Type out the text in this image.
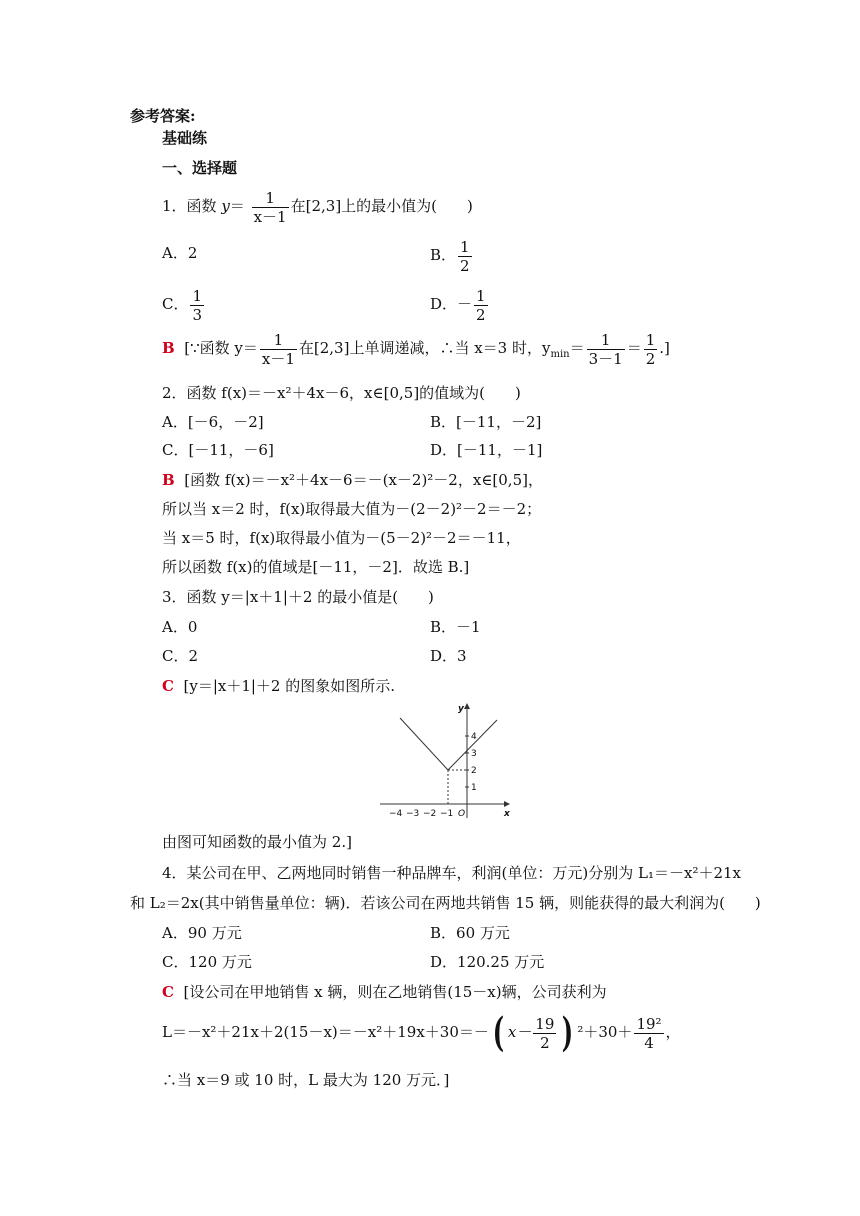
参考答案:
基础练
一、选择题
1．函数 $y= \frac{1}{x-1}$ 在[2,3]上的最小值为(　　)
A．2	B． $\frac{1}{2}$
C． $\frac{1}{3}$	D．－ $\frac{1}{2}$
B [∵函数 $y= \frac{1}{x-1}$ 在[2,3]上单调递减，∴当 x＝3 时，$y_{min}= \frac{1}{3-1} = \frac{1}{2}$ .]
2．函数 f(x)＝－x²＋4x－6，x∈[0,5]的值域为(　　)
A．[－6，－2]	B．[－11，－2]
C．[－11，－6]	D．[－11，－1]
B [函数 f(x)＝－x²＋4x－6＝－(x－2)²－2，x∈[0,5]，
所以当 x＝2 时，f(x)取得最大值为－(2－2)²－2＝－2；
当 x＝5 时，f(x)取得最小值为－(5－2)²－2＝－11，
所以函数 f(x)的值域是[－11，－2]．故选 B.]
3．函数 y＝|x＋1|＋2 的最小值是(　　)
A．0	B．－1
C．2	D．3
C [y＝|x＋1|＋2 的图象如图所示.
x
y
O
−4 −3 −2 −1
1
2
3
4
由图可知函数的最小值为 2.]
4．某公司在甲、乙两地同时销售一种品牌车，利润(单位：万元)分别为 L₁＝－x²＋21x
和 L₂＝2x(其中销售量单位：辆)．若该公司在两地共销售 15 辆，则能获得的最大利润为(　　)
A．90 万元	B．60 万元
C．120 万元	D．120.25 万元
C [设公司在甲地销售 x 辆，则在乙地销售(15－x)辆，公司获利为
L＝－x²＋21x＋2(15－x)＝－x²＋19x＋30＝－( $x- \frac{19}{2}$ ) $^2+30+ \frac{\text{19²}}{4}$ ，
∴当 x＝9 或 10 时，L 最大为 120 万元．]
